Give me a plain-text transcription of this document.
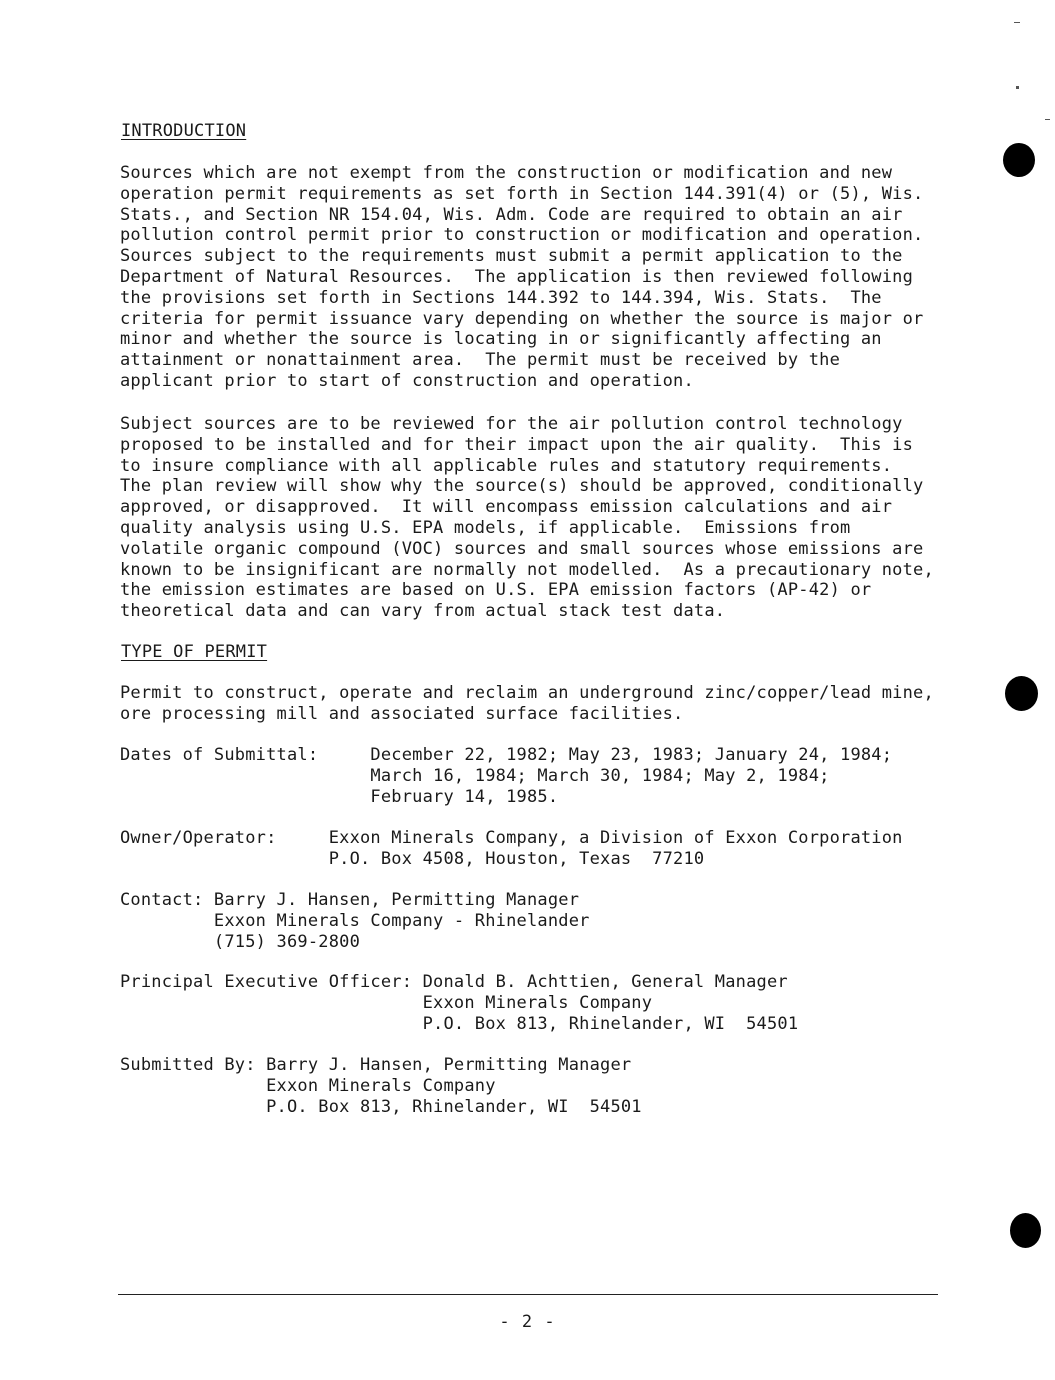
INTRODUCTION
Sources which are not exempt from the construction or modification and new
operation permit requirements as set forth in Section 144.391(4) or (5), Wis.
Stats., and Section NR 154.04, Wis. Adm. Code are required to obtain an air
pollution control permit prior to construction or modification and operation.
Sources subject to the requirements must submit a permit application to the
Department of Natural Resources.  The application is then reviewed following
the provisions set forth in Sections 144.392 to 144.394, Wis. Stats.  The
criteria for permit issuance vary depending on whether the source is major or
minor and whether the source is locating in or significantly affecting an
attainment or nonattainment area.  The permit must be received by the
applicant prior to start of construction and operation.
Subject sources are to be reviewed for the air pollution control technology
proposed to be installed and for their impact upon the air quality.  This is
to insure compliance with all applicable rules and statutory requirements.
The plan review will show why the source(s) should be approved, conditionally
approved, or disapproved.  It will encompass emission calculations and air
quality analysis using U.S. EPA models, if applicable.  Emissions from
volatile organic compound (VOC) sources and small sources whose emissions are
known to be insignificant are normally not modelled.  As a precautionary note,
the emission estimates are based on U.S. EPA emission factors (AP-42) or
theoretical data and can vary from actual stack test data.
TYPE OF PERMIT
Permit to construct, operate and reclaim an underground zinc/copper/lead mine,
ore processing mill and associated surface facilities.
Dates of Submittal:     December 22, 1982; May 23, 1983; January 24, 1984;
March 16, 1984; March 30, 1984; May 2, 1984;
February 14, 1985.
Owner/Operator:     Exxon Minerals Company, a Division of Exxon Corporation
P.O. Box 4508, Houston, Texas  77210
Contact: Barry J. Hansen, Permitting Manager
Exxon Minerals Company - Rhinelander
(715) 369-2800
Principal Executive Officer: Donald B. Achttien, General Manager
Exxon Minerals Company
P.O. Box 813, Rhinelander, WI  54501
Submitted By: Barry J. Hansen, Permitting Manager
Exxon Minerals Company
P.O. Box 813, Rhinelander, WI  54501
- 2 -
